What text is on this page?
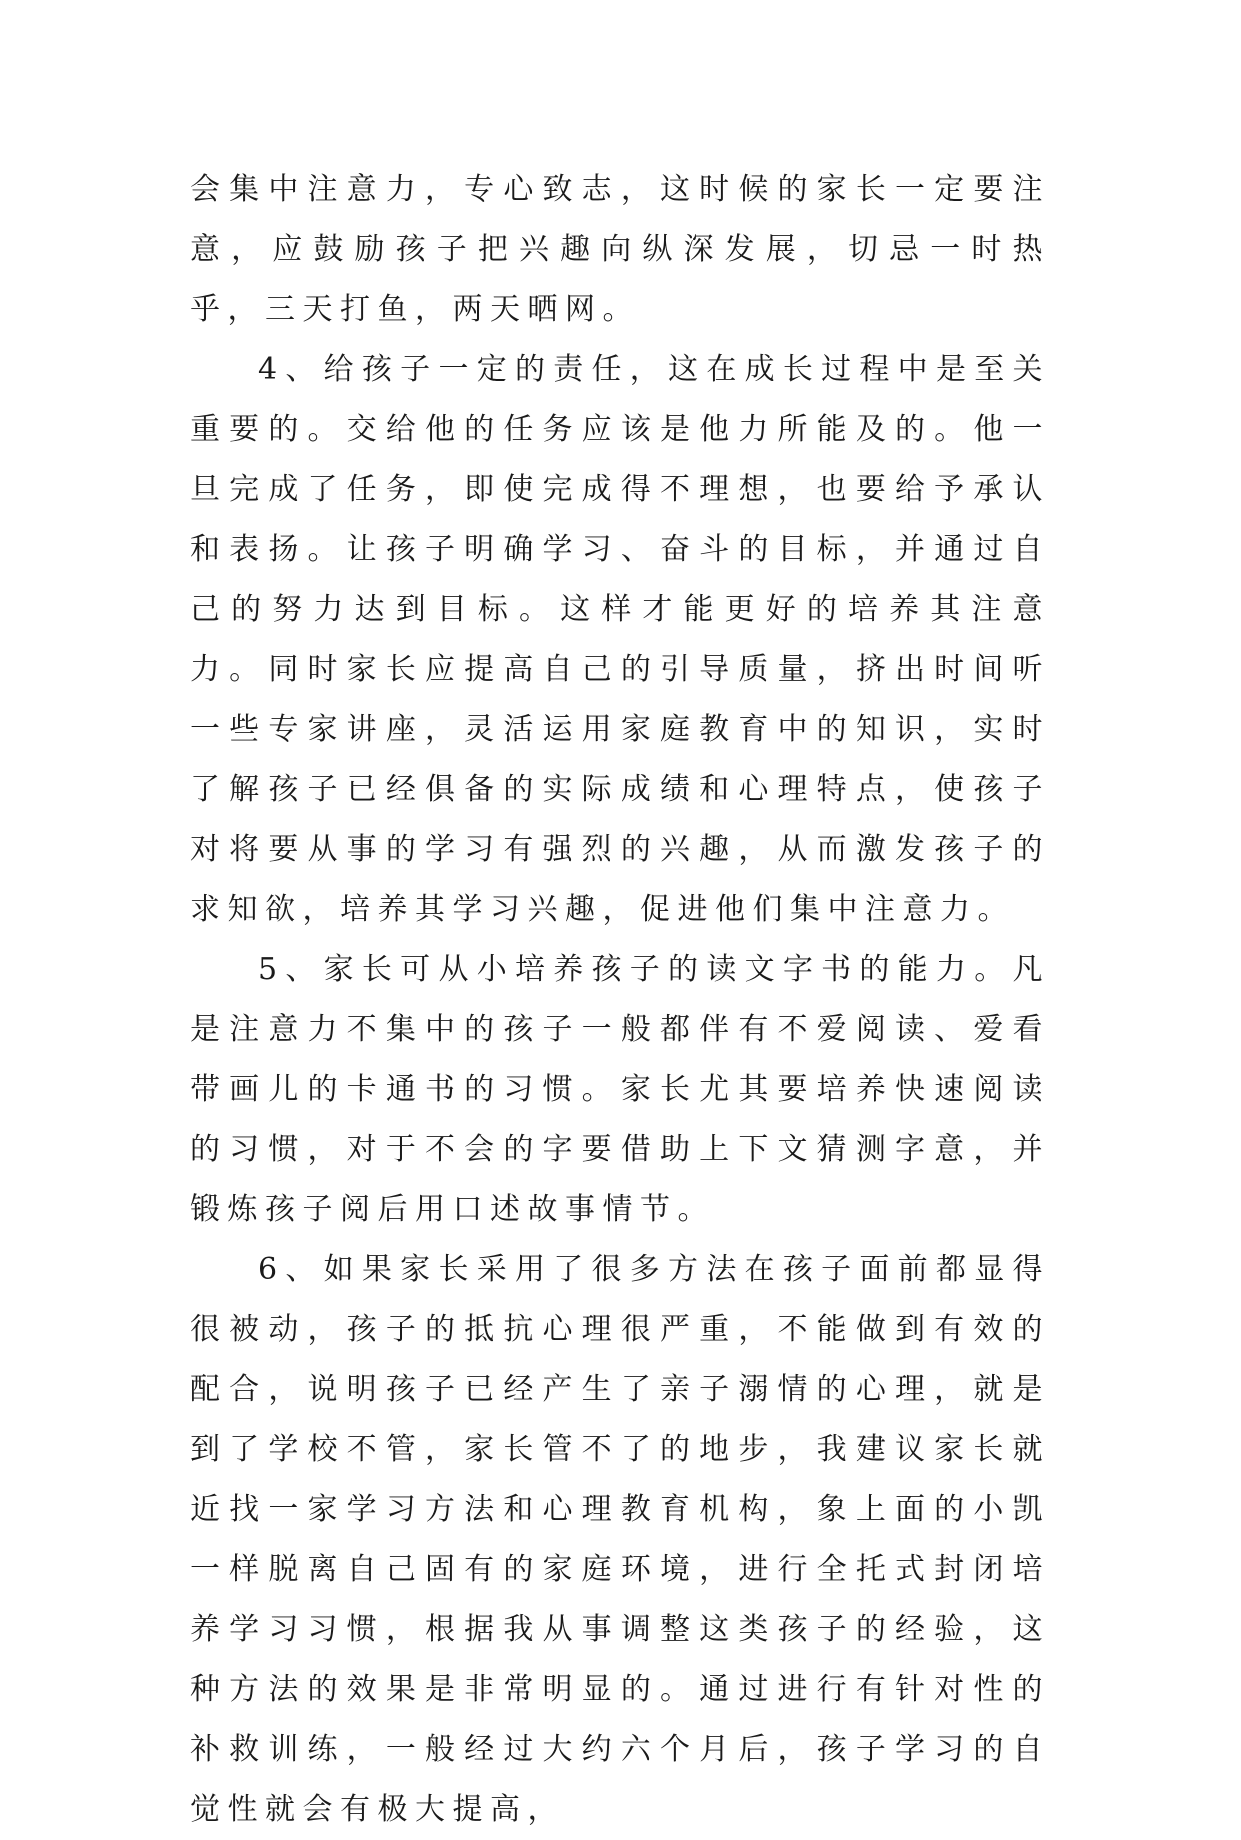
会集中注意力，专心致志，这时候的家长一定要注意，应鼓励孩子把兴趣向纵深发展，切忌一时热乎，三天打鱼，两天晒网。

4、给孩子一定的责任，这在成长过程中是至关重要的。交给他的任务应该是他力所能及的。他一旦完成了任务，即使完成得不理想，也要给予承认和表扬。让孩子明确学习、奋斗的目标，并通过自己的努力达到目标。这样才能更好的培养其注意力。同时家长应提高自己的引导质量，挤出时间听一些专家讲座，灵活运用家庭教育中的知识，实时了解孩子已经俱备的实际成绩和心理特点，使孩子对将要从事的学习有强烈的兴趣，从而激发孩子的求知欲，培养其学习兴趣，促进他们集中注意力。

5、家长可从小培养孩子的读文字书的能力。凡是注意力不集中的孩子一般都伴有不爱阅读、爱看带画儿的卡通书的习惯。家长尤其要培养快速阅读的习惯，对于不会的字要借助上下文猜测字意，并锻炼孩子阅后用口述故事情节。

6、如果家长采用了很多方法在孩子面前都显得很被动，孩子的抵抗心理很严重，不能做到有效的配合，说明孩子已经产生了亲子溺情的心理，就是到了学校不管，家长管不了的地步，我建议家长就近找一家学习方法和心理教育机构，象上面的小凯一样脱离自己固有的家庭环境，进行全托式封闭培养学习习惯，根据我从事调整这类孩子的经验，这种方法的效果是非常明显的。通过进行有针对性的补救训练，一般经过大约六个月后，孩子学习的自觉性就会有极大提高，
